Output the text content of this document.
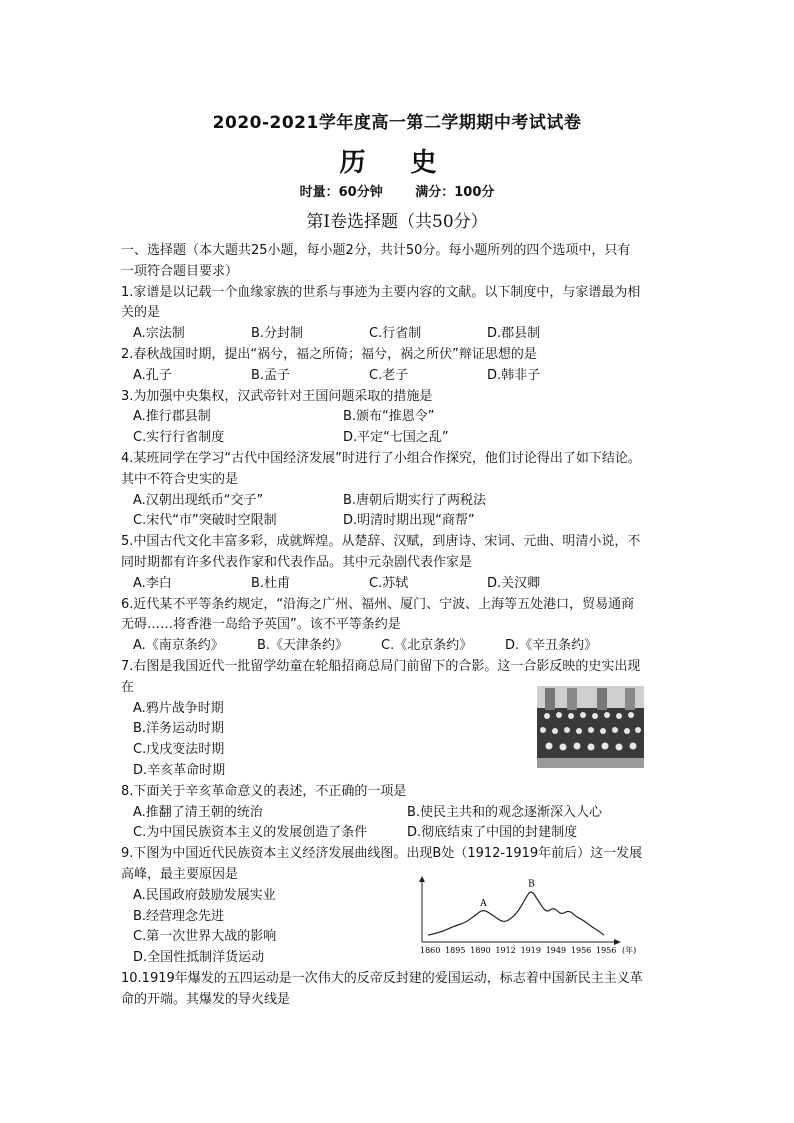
2020-2021学年度高一第二学期期中考试试卷
历 史
时量：60分钟	满分：100分
第Ⅰ卷选择题（共50分）
一、选择题（本大题共25小题，每小题2分，共计50分。每小题所列的四个选项中，只有
一项符合题目要求）
1.家谱是以记载一个血缘家族的世系与事迹为主要内容的文献。以下制度中，与家谱最为相
关的是
A.宗法制	B.分封制	C.行省制	D.郡县制
2.春秋战国时期，提出“祸兮，福之所倚；福兮，祸之所伏”辩证思想的是
A.孔子	B.孟子	C.老子	D.韩非子
3.为加强中央集权，汉武帝针对王国问题采取的措施是
A.推行郡县制	B.颁布“推恩令”
C.实行行省制度	D.平定“七国之乱”
4.某班同学在学习“古代中国经济发展”时进行了小组合作探究，他们讨论得出了如下结论。
其中不符合史实的是
A.汉朝出现纸币“交子”	B.唐朝后期实行了两税法
C.宋代“市”突破时空限制	D.明清时期出现“商帮”
5.中国古代文化丰富多彩，成就辉煌。从楚辞、汉赋，到唐诗、宋词、元曲、明清小说，不
同时期都有许多代表作家和代表作品。其中元杂剧代表作家是
A.李白	B.杜甫	C.苏轼	D.关汉卿
6.近代某不平等条约规定，“沿海之广州、福州、厦门、宁波、上海等五处港口，贸易通商
无碍……将香港一岛给予英国”。该不平等条约是
A.《南京条约》	B.《天津条约》	C.《北京条约》	D.《辛丑条约》
7.右图是我国近代一批留学幼童在轮船招商总局门前留下的合影。这一合影反映的史实出现
在
A.鸦片战争时期
B.洋务运动时期
C.戊戌变法时期
D.辛亥革命时期
8.下面关于辛亥革命意义的表述，不正确的一项是
A.推翻了清王朝的统治	B.使民主共和的观念逐渐深入人心
C.为中国民族资本主义的发展创造了条件	D.彻底结束了中国的封建制度
9.下图为中国近代民族资本主义经济发展曲线图。出现B处（1912-1919年前后）这一发展
高峰，最主要原因是
A.民国政府鼓励发展实业
B.经营理念先进
C.第一次世界大战的影响
D.全国性抵制洋货运动
10.1919年爆发的五四运动是一次伟大的反帝反封建的爱国运动，标志着中国新民主主义革
命的开端。其爆发的导火线是
A
B
1860 1895 1890 1912 1919 1949 1956 1956 (年)
